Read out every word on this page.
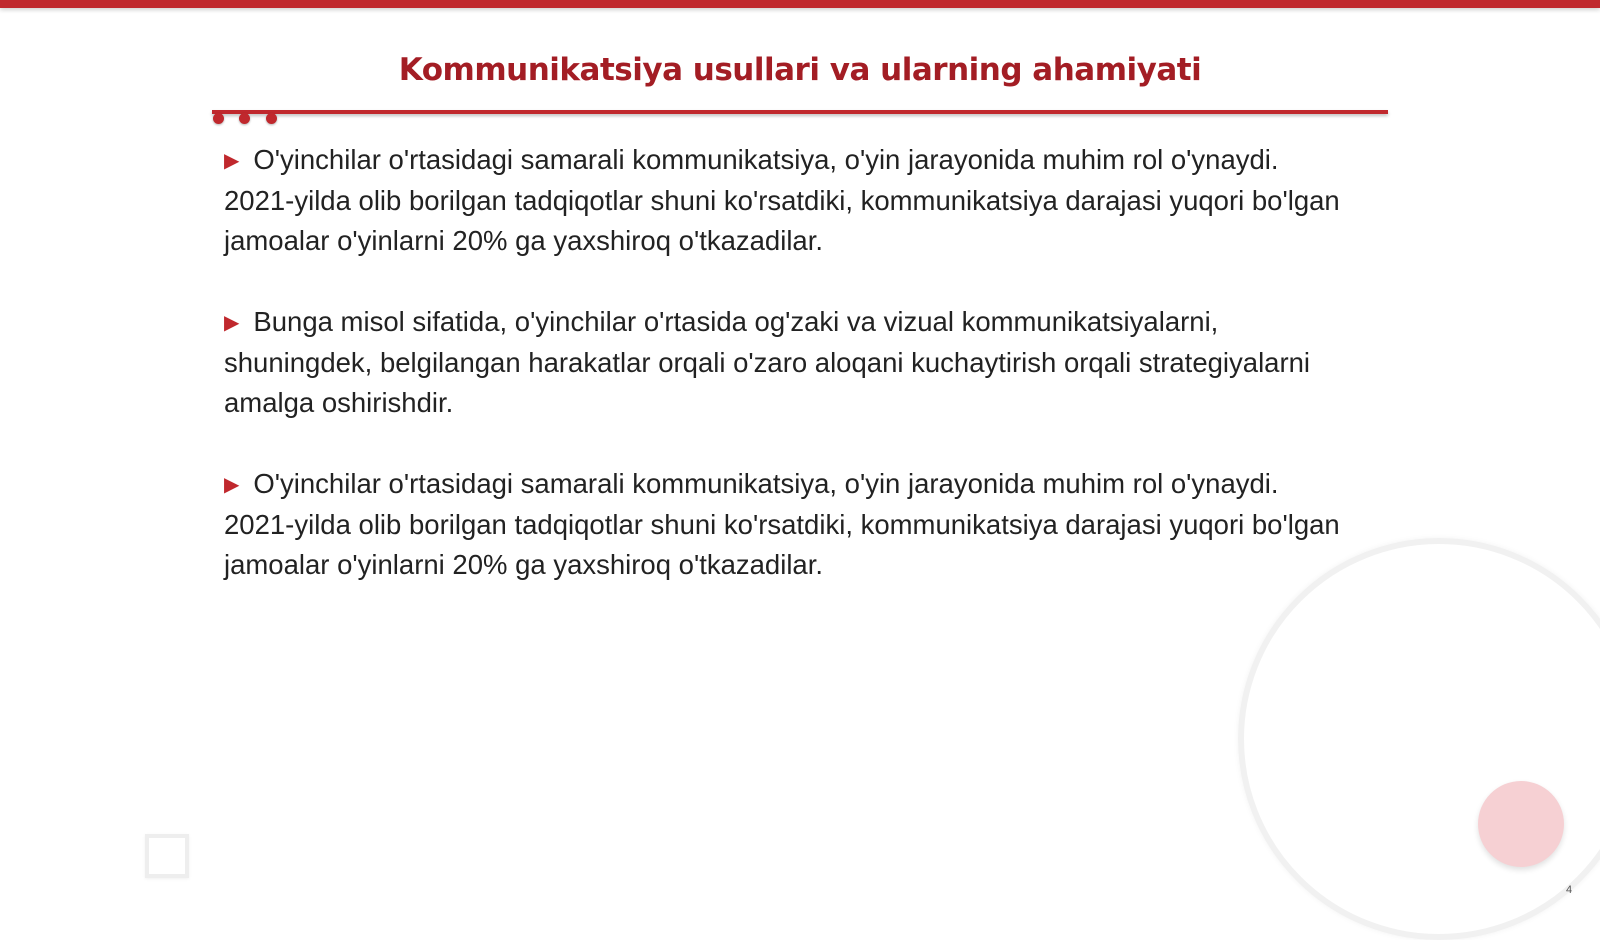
Kommunikatsiya usullari va ularning ahamiyati

▶ O'yinchilar o'rtasidagi samarali kommunikatsiya, o'yin jarayonida muhim rol o'ynaydi. 2021-yilda olib borilgan tadqiqotlar shuni ko'rsatdiki, kommunikatsiya darajasi yuqori bo'lgan jamoalar o'yinlarni 20% ga yaxshiroq o'tkazadilar.

▶ Bunga misol sifatida, o'yinchilar o'rtasida og'zaki va vizual kommunikatsiyalarni, shuningdek, belgilangan harakatlar orqali o'zaro aloqani kuchaytirish orqali strategiyalarni amalga oshirishdir.

▶ O'yinchilar o'rtasidagi samarali kommunikatsiya, o'yin jarayonida muhim rol o'ynaydi. 2021-yilda olib borilgan tadqiqotlar shuni ko'rsatdiki, kommunikatsiya darajasi yuqori bo'lgan jamoalar o'yinlarni 20% ga yaxshiroq o'tkazadilar.

4
